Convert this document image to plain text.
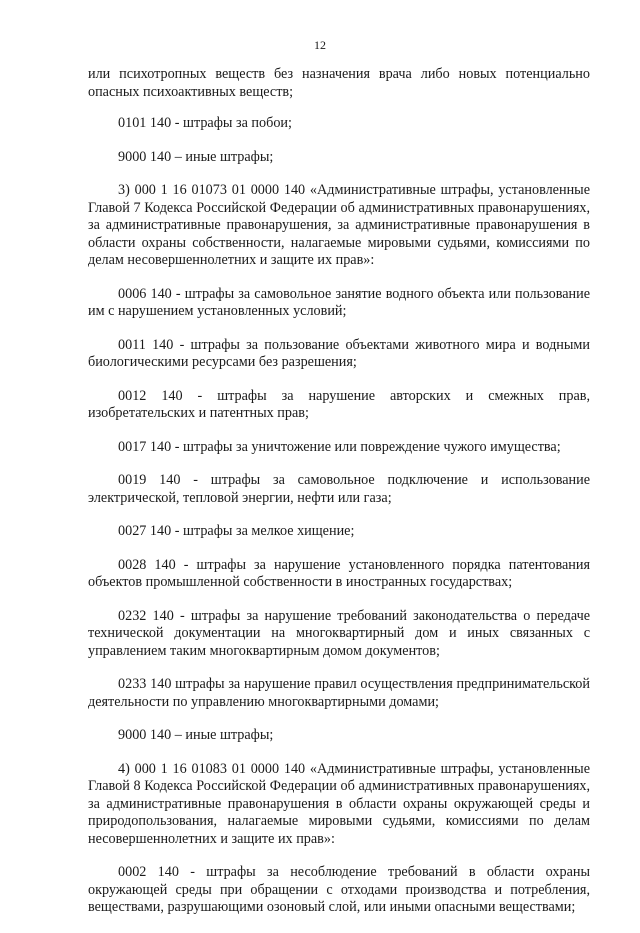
12

или психотропных веществ без назначения врача либо новых потенциально опасных психоактивных веществ;

0101 140 - штрафы за побои;

9000 140 – иные штрафы;

3) 000 1 16 01073 01 0000 140 «Административные штрафы, установленные Главой 7 Кодекса Российской Федерации об административных правонарушениях, за административные правонарушения, за административные правонарушения в области охраны собственности, налагаемые мировыми судьями, комиссиями по делам несовершеннолетних и защите их прав»:

0006 140 - штрафы за самовольное занятие водного объекта или пользование им с нарушением установленных условий;

0011 140 - штрафы за пользование объектами животного мира и водными биологическими ресурсами без разрешения;

0012 140 - штрафы за нарушение авторских и смежных прав, изобретательских и патентных прав;

0017 140 - штрафы за уничтожение или повреждение чужого имущества;

0019 140 - штрафы за самовольное подключение и использование электрической, тепловой энергии, нефти или газа;

0027 140 - штрафы за мелкое хищение;

0028 140 - штрафы за нарушение установленного порядка патентования объектов промышленной собственности в иностранных государствах;

0232 140 - штрафы за нарушение требований законодательства о передаче технической документации на многоквартирный дом и иных связанных с управлением таким многоквартирным домом документов;

0233 140 штрафы за нарушение правил осуществления предпринимательской деятельности по управлению многоквартирными домами;

9000 140 – иные штрафы;

4) 000 1 16 01083 01 0000 140 «Административные штрафы, установленные Главой 8 Кодекса Российской Федерации об административных правонарушениях, за административные правонарушения в области охраны окружающей среды и природопользования, налагаемые мировыми судьями, комиссиями по делам несовершеннолетних и защите их прав»:

0002 140 - штрафы за несоблюдение требований в области охраны окружающей среды при обращении с отходами производства и потребления, веществами, разрушающими озоновый слой, или иными опасными веществами;
